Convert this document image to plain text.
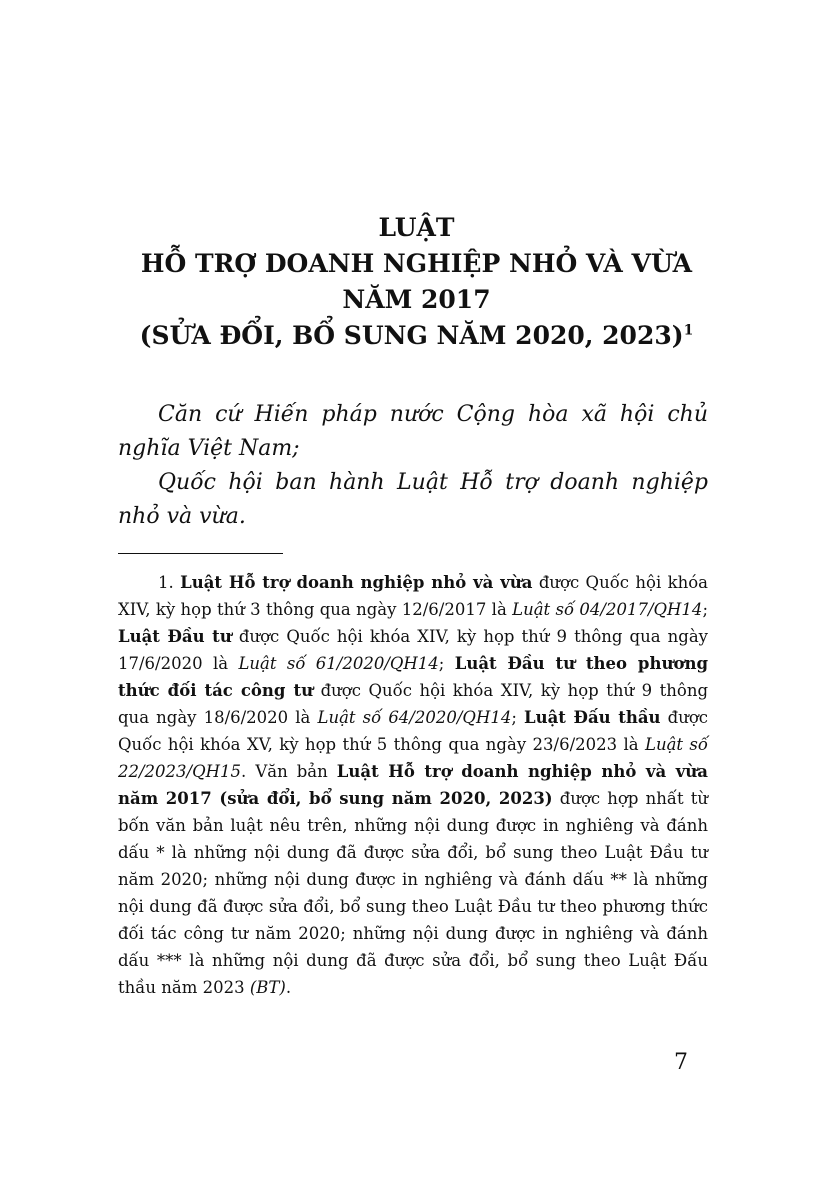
LUẬT
HỖ TRỢ DOANH NGHIỆP NHỎ VÀ VỪA
NĂM 2017
(SỬA ĐỔI, BỔ SUNG NĂM 2020, 2023)$^1$

Căn cứ Hiến pháp nước Cộng hòa xã hội chủ nghĩa Việt Nam;

Quốc hội ban hành Luật Hỗ trợ doanh nghiệp nhỏ và vừa.

1. Luật Hỗ trợ doanh nghiệp nhỏ và vừa được Quốc hội khóa XIV, kỳ họp thứ 3 thông qua ngày 12/6/2017 là Luật số 04/2017/QH14; Luật Đầu tư được Quốc hội khóa XIV, kỳ họp thứ 9 thông qua ngày 17/6/2020 là Luật số 61/2020/QH14; Luật Đầu tư theo phương thức đối tác công tư được Quốc hội khóa XIV, kỳ họp thứ 9 thông qua ngày 18/6/2020 là Luật số 64/2020/QH14; Luật Đấu thầu được Quốc hội khóa XV, kỳ họp thứ 5 thông qua ngày 23/6/2023 là Luật số 22/2023/QH15. Văn bản Luật Hỗ trợ doanh nghiệp nhỏ và vừa năm 2017 (sửa đổi, bổ sung năm 2020, 2023) được hợp nhất từ bốn văn bản luật nêu trên, những nội dung được in nghiêng và đánh dấu * là những nội dung đã được sửa đổi, bổ sung theo Luật Đầu tư năm 2020; những nội dung được in nghiêng và đánh dấu ** là những nội dung đã được sửa đổi, bổ sung theo Luật Đầu tư theo phương thức đối tác công tư năm 2020; những nội dung được in nghiêng và đánh dấu *** là những nội dung đã được sửa đổi, bổ sung theo Luật Đấu thầu năm 2023 (BT).

7
